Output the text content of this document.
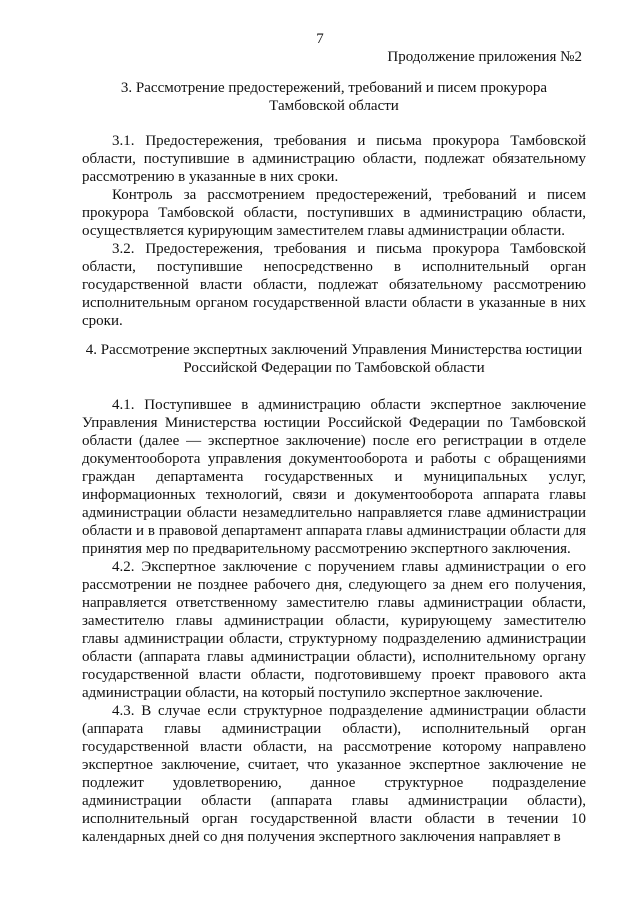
7
Продолжение приложения №2

3. Рассмотрение предостережений, требований и писем прокурора Тамбовской области

3.1. Предостережения, требования и письма прокурора Тамбовской области, поступившие в администрацию области, подлежат обязательному рассмотрению в указанные в них сроки.

Контроль за рассмотрением предостережений, требований и писем прокурора Тамбовской области, поступивших в администрацию области, осуществляется курирующим заместителем главы администрации области.

3.2. Предостережения, требования и письма прокурора Тамбовской области, поступившие непосредственно в исполнительный орган государственной власти области, подлежат обязательному рассмотрению исполнительным органом государственной власти области в указанные в них сроки.

4. Рассмотрение экспертных заключений Управления Министерства юстиции Российской Федерации по Тамбовской области

4.1. Поступившее в администрацию области экспертное заключение Управления Министерства юстиции Российской Федерации по Тамбовской области (далее — экспертное заключение) после его регистрации в отделе документооборота управления документооборота и работы с обращениями граждан департамента государственных и муниципальных услуг, информационных технологий, связи и документооборота аппарата главы администрации области незамедлительно направляется главе администрации области и в правовой департамент аппарата главы администрации области для принятия мер по предварительному рассмотрению экспертного заключения.

4.2. Экспертное заключение с поручением главы администрации о его рассмотрении не позднее рабочего дня, следующего за днем его получения, направляется ответственному заместителю главы администрации области, заместителю главы администрации области, курирующему заместителю главы администрации области, структурному подразделению администрации области (аппарата главы администрации области), исполнительному органу государственной власти области, подготовившему проект правового акта администрации области, на который поступило экспертное заключение.

4.3. В случае если структурное подразделение администрации области (аппарата главы администрации области), исполнительный орган государственной власти области, на рассмотрение которому направлено экспертное заключение, считает, что указанное экспертное заключение не подлежит удовлетворению, данное структурное подразделение администрации области (аппарата главы администрации области), исполнительный орган государственной власти области в течении 10 календарных дней со дня получения экспертного заключения направляет в
